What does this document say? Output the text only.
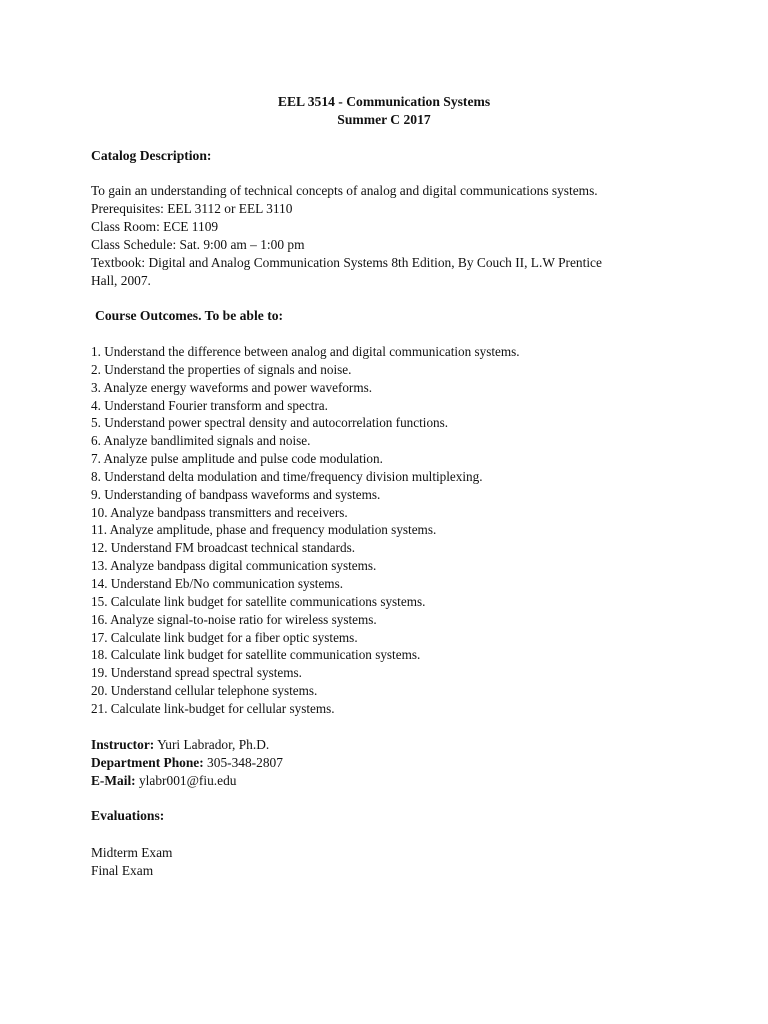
EEL 3514 - Communication Systems
Summer C 2017
Catalog Description:
To gain an understanding of technical concepts of analog and digital communications systems.
Prerequisites: EEL 3112 or EEL 3110
Class Room: ECE 1109
Class Schedule: Sat. 9:00 am – 1:00 pm
Textbook: Digital and Analog Communication Systems 8th Edition, By Couch II, L.W Prentice
Hall, 2007.
Course Outcomes. To be able to:
1. Understand the difference between analog and digital communication systems.
2. Understand the properties of signals and noise.
3. Analyze energy waveforms and power waveforms.
4. Understand Fourier transform and spectra.
5. Understand power spectral density and autocorrelation functions.
6. Analyze bandlimited signals and noise.
7. Analyze pulse amplitude and pulse code modulation.
8. Understand delta modulation and time/frequency division multiplexing.
9. Understanding of bandpass waveforms and systems.
10. Analyze bandpass transmitters and receivers.
11. Analyze amplitude, phase and frequency modulation systems.
12. Understand FM broadcast technical standards.
13. Analyze bandpass digital communication systems.
14. Understand Eb/No communication systems.
15. Calculate link budget for satellite communications systems.
16. Analyze signal-to-noise ratio for wireless systems.
17. Calculate link budget for a fiber optic systems.
18. Calculate link budget for satellite communication systems.
19. Understand spread spectral systems.
20. Understand cellular telephone systems.
21. Calculate link-budget for cellular systems.
Instructor: Yuri Labrador, Ph.D.
Department Phone: 305-348-2807
E-Mail: ylabr001@fiu.edu
Evaluations:
Midterm Exam
Final Exam
